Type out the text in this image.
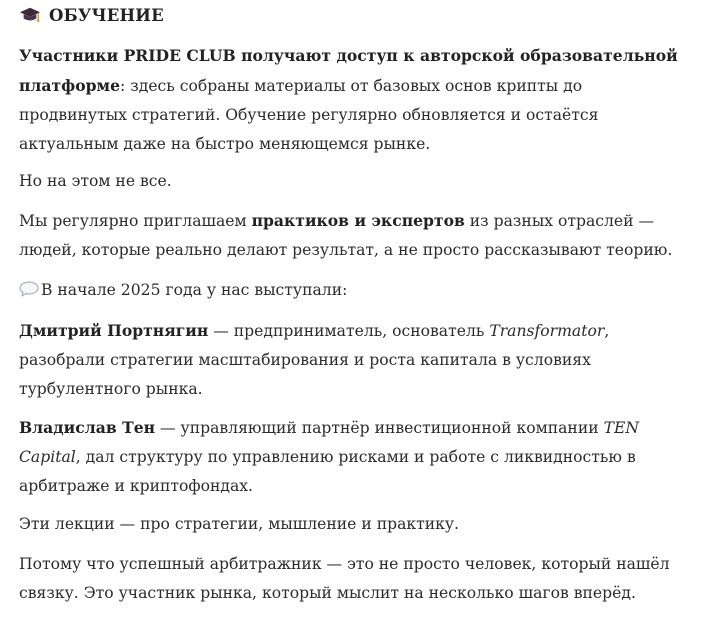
ОБУЧЕНИЕ

Участники PRIDE CLUB получают доступ к авторской образовательной
платформе: здесь собраны материалы от базовых основ крипты до
продвинутых стратегий. Обучение регулярно обновляется и остаётся
актуальным даже на быстро меняющемся рынке.

Но на этом не все.

Мы регулярно приглашаем практиков и экспертов из разных отраслей —
людей, которые реально делают результат, а не просто рассказывают теорию.

В начале 2025 года у нас выступали:

Дмитрий Портнягин — предприниматель, основатель Transformator,
разобрали стратегии масштабирования и роста капитала в условиях
турбулентного рынка.

Владислав Тен — управляющий партнёр инвестиционной компании TEN
Capital, дал структуру по управлению рисками и работе с ликвидностью в
арбитраже и криптофондах.

Эти лекции — про стратегии, мышление и практику.

Потому что успешный арбитражник — это не просто человек, который нашёл
связку. Это участник рынка, который мыслит на несколько шагов вперёд.
